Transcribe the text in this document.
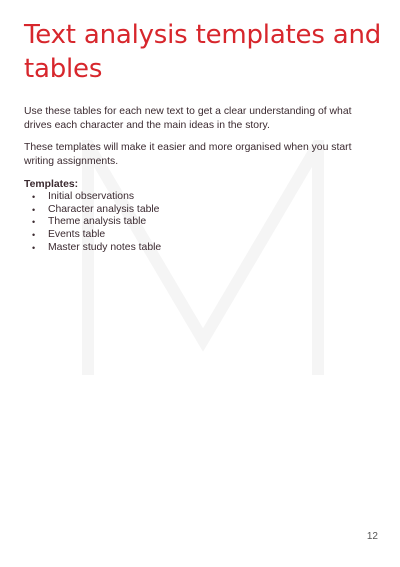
Text analysis templates and tables

Use these tables for each new text to get a clear understanding of what drives each character and the main ideas in the story.

These templates will make it easier and more organised when you start writing assignments.

Templates:

• Initial observations
• Character analysis table
• Theme analysis table
• Events table
• Master study notes table

12
